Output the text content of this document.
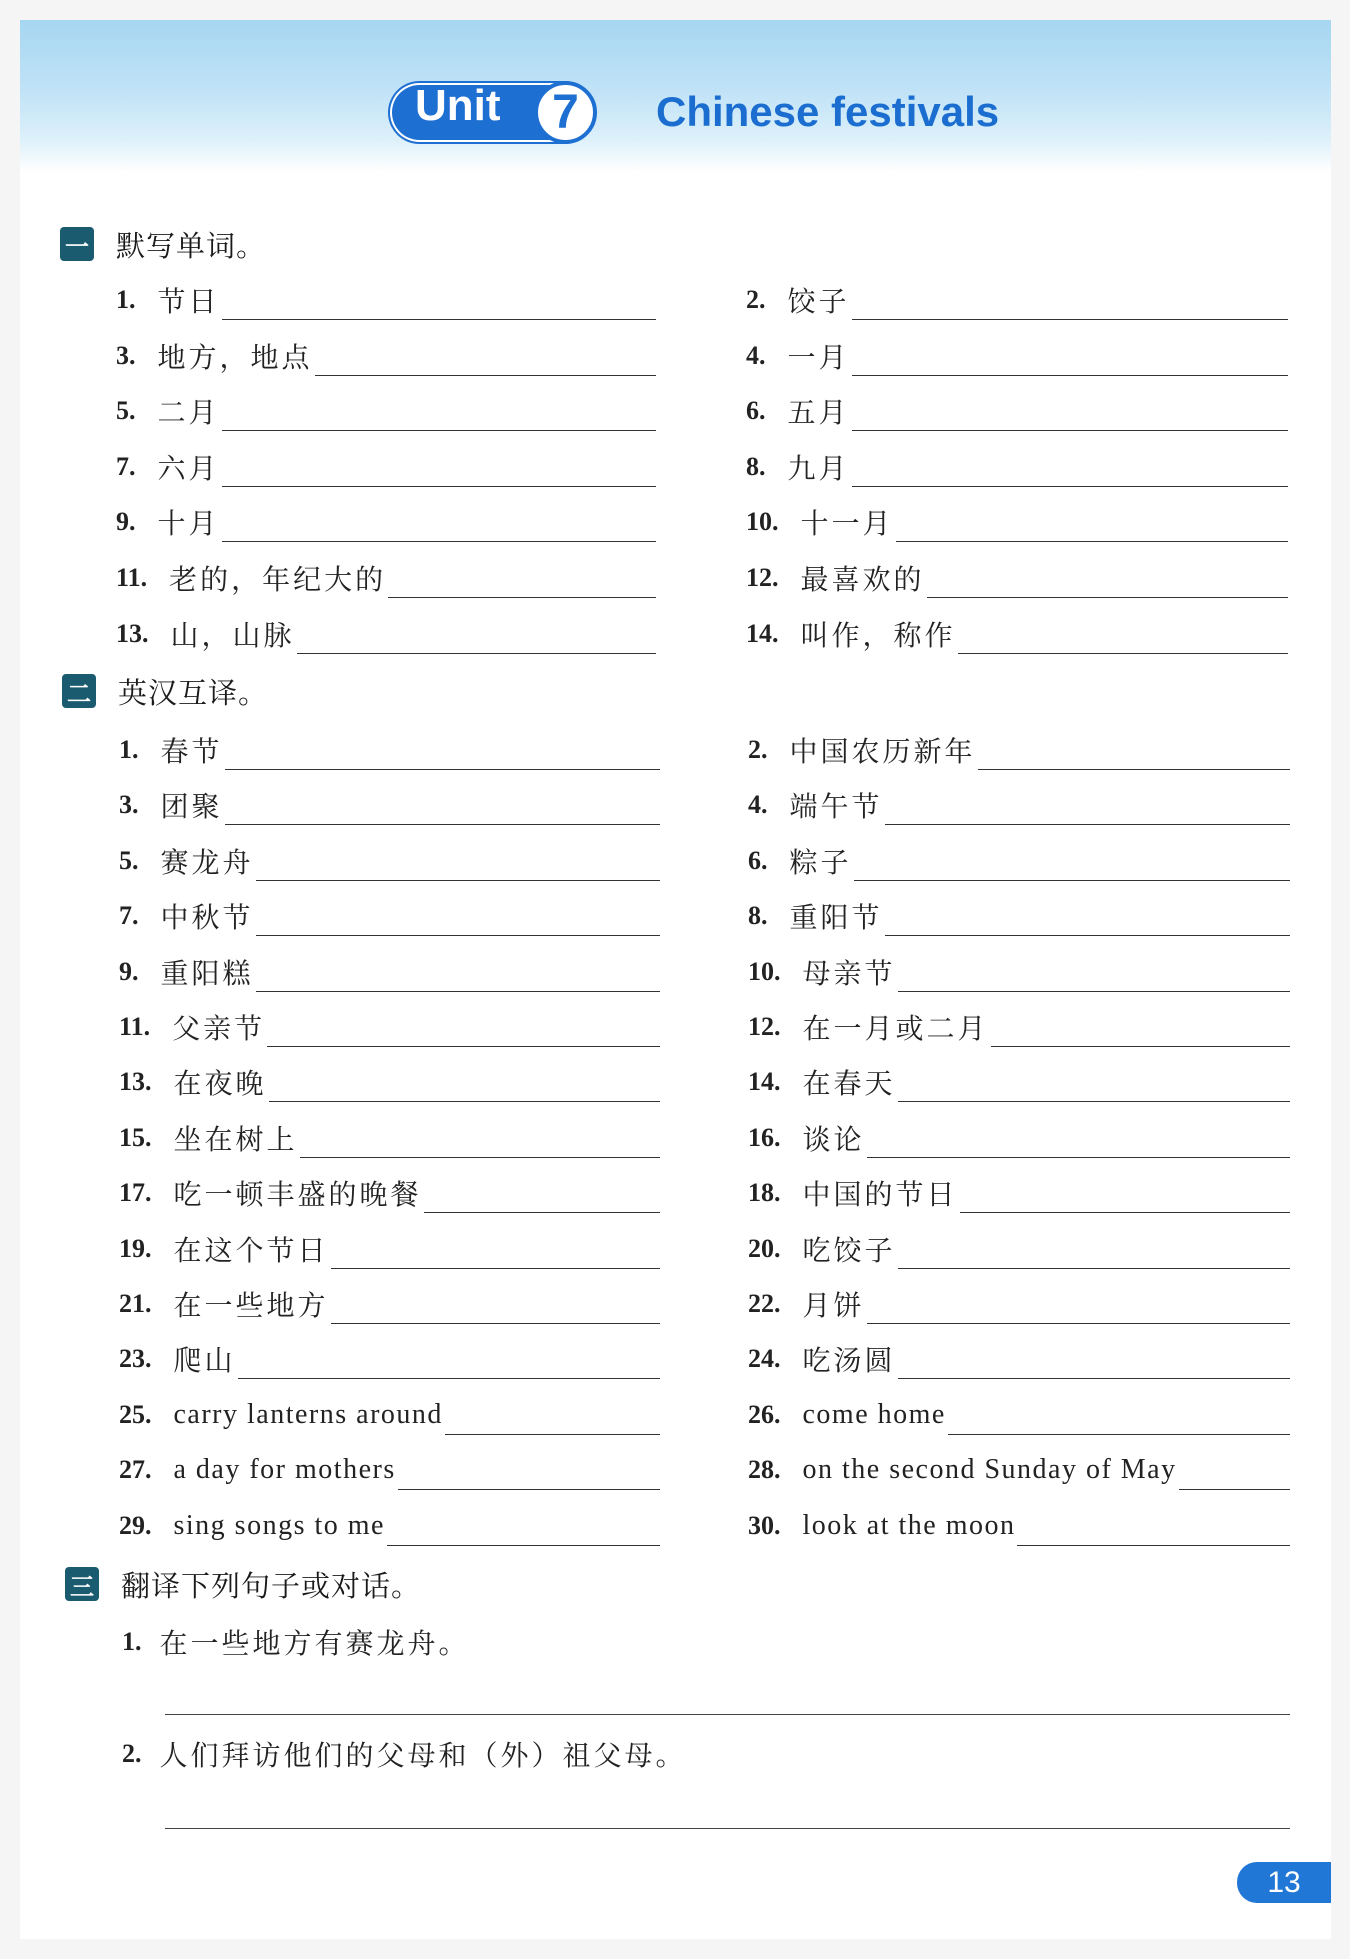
Unit	7	Chinese festivals
一 默写单词。
1. 节日	2. 饺子
3. 地方，地点	4. 一月
5. 二月	6. 五月
7. 六月	8. 九月
9. 十月	10. 十一月
11. 老的，年纪大的	12. 最喜欢的
13. 山，山脉	14. 叫作，称作
二 英汉互译。
1. 春节	2. 中国农历新年
3. 团聚	4. 端午节
5. 赛龙舟	6. 粽子
7. 中秋节	8. 重阳节
9. 重阳糕	10. 母亲节
11. 父亲节	12. 在一月或二月
13. 在夜晚	14. 在春天
15. 坐在树上	16. 谈论
17. 吃一顿丰盛的晚餐	18. 中国的节日
19. 在这个节日	20. 吃饺子
21. 在一些地方	22. 月饼
23. 爬山	24. 吃汤圆
25. carry lanterns around	26. come home
27. a day for mothers	28. on the second Sunday of May
29. sing songs to me	30. look at the moon
三 翻译下列句子或对话。
1. 在一些地方有赛龙舟。
2. 人们拜访他们的父母和（外）祖父母。
13
